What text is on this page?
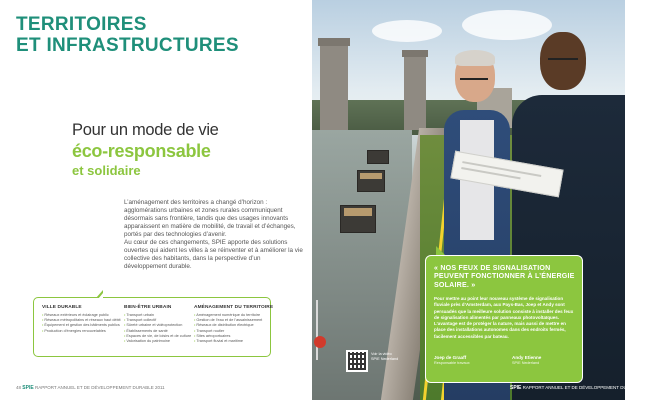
TERRITOIRES
ET INFRASTRUCTURES
Pour un mode de vie
éco-responsable
et solidaire

L’aménagement des territoires a changé d’horizon : agglomérations urbaines et zones rurales communiquent désormais sans frontière, tandis que des usages innovants apparaissent en matière de mobilité, de travail et d’échanges, portés par des technologies d’avenir.

Au cœur de ces changements, SPIE apporte des solutions ouvertes qui aident les villes à se réinventer et à améliorer la vie collective des habitants, dans la perspective d’un développement durable.

VILLE DURABLE
• Réseaux extérieurs et éclairage public
• Réseaux métropolitains et réseaux haut débit
• Équipement et gestion des bâtiments publics
• Production d’énergies renouvelables
BIEN-ÊTRE URBAIN
• Transport urbain
• Transport collectif
• Sûreté urbaine et vidéoprotection
• Établissements de santé
• Espaces de vie, de loisirs et de culture
• Valorisation du patrimoine
AMÉNAGEMENT DU TERRITOIRE
• Aménagement numérique du territoire
• Gestion de l’eau et de l’assainissement
• Réseaux de distribution électrique
• Transport routier
• Sites aéroportuaires
• Transport fluvial et maritime
48 SPIE RAPPORT ANNUEL ET DE DÉVELOPPEMENT DURABLE 2011
Voir la vidéo
SPIE Nederland
« NOS FEUX DE SIGNALISATION PEUVENT FONCTIONNER À L’ÉNERGIE SOLAIRE. »
Pour mettre au point leur nouveau système de signalisation fluviale près d’Amsterdam, aux Pays-Bas, Joep et Andy sont persuadés que la meilleure solution consiste à installer des feux de signalisation alimentés par panneaux photovoltaïques. L’avantage est de protéger la nature, mais aussi de mettre en place des installations autonomes dans des endroits fermés, facilement accessibles par bateau.
Joep de Graaff
Responsable travaux
Andy Etienne
SPIE Nederland
SPIE RAPPORT ANNUEL ET DE DÉVELOPPEMENT DURABLE 2011 49
